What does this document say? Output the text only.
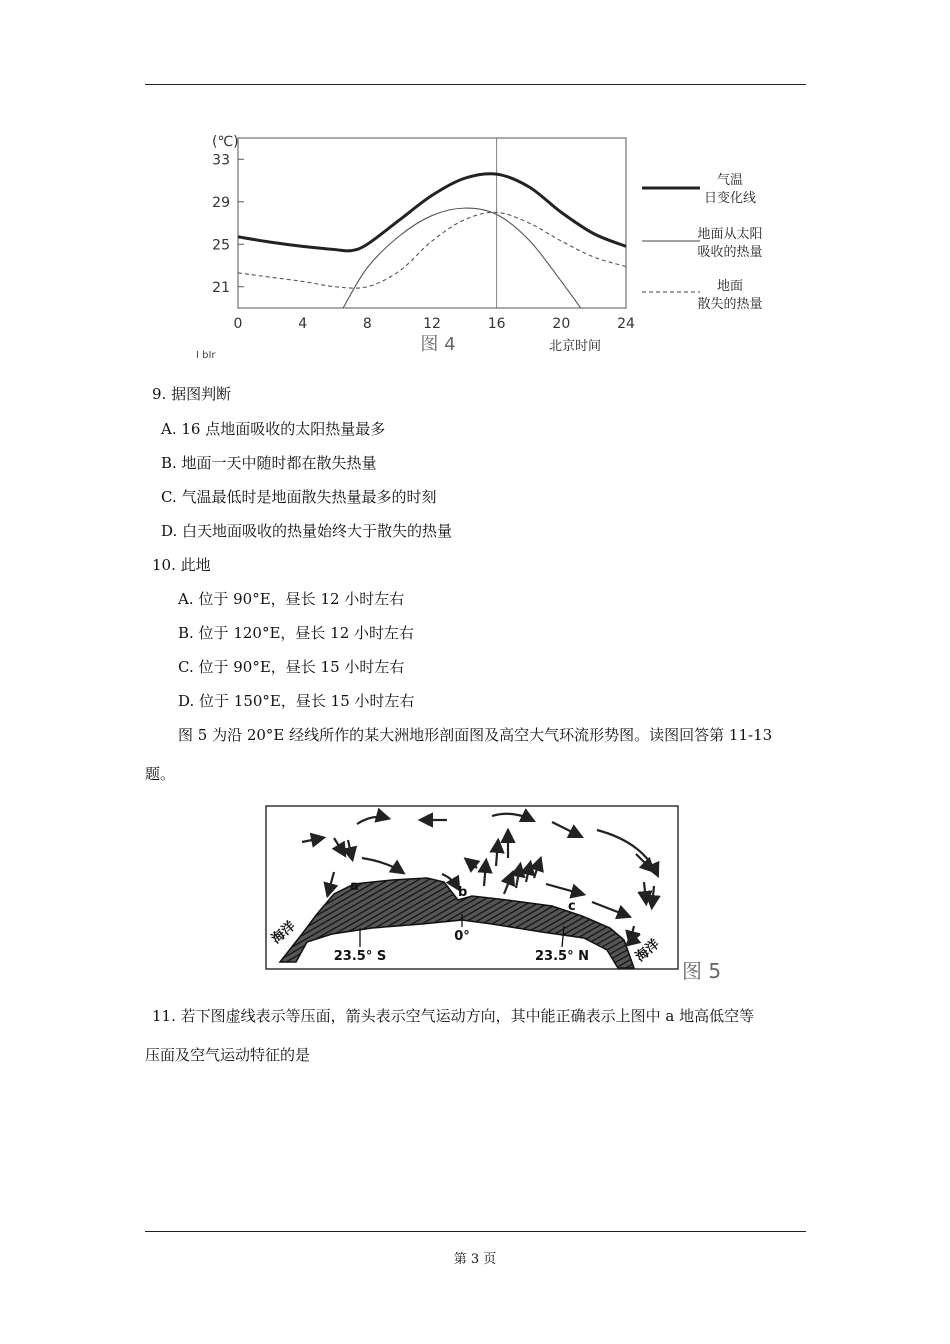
(℃)
33
29
25
21
0	4	8	12	16	20	24
图 4	北京时间
I bIr
气温
日变化线
地面从太阳
吸收的热量
地面
散失的热量
9. 据图判断
A. 16 点地面吸收的太阳热量最多
B. 地面一天中随时都在散失热量
C. 气温最低时是地面散失热量最多的时刻
D. 白天地面吸收的热量始终大于散失的热量
10. 此地
A. 位于 90°E，昼长 12 小时左右
B. 位于 120°E，昼长 12 小时左右
C. 位于 90°E，昼长 15 小时左右
D. 位于 150°E，昼长 15 小时左右
图 5 为沿 20°E 经线所作的某大洲地形剖面图及高空大气环流形势图。读图回答第 11-13
题。
海洋
海洋
23.5° S
0°
23.5° N
a	b
c
图 5
11. 若下图虚线表示等压面，箭头表示空气运动方向，其中能正确表示上图中 a 地高低空等
压面及空气运动特征的是
第 3 页
